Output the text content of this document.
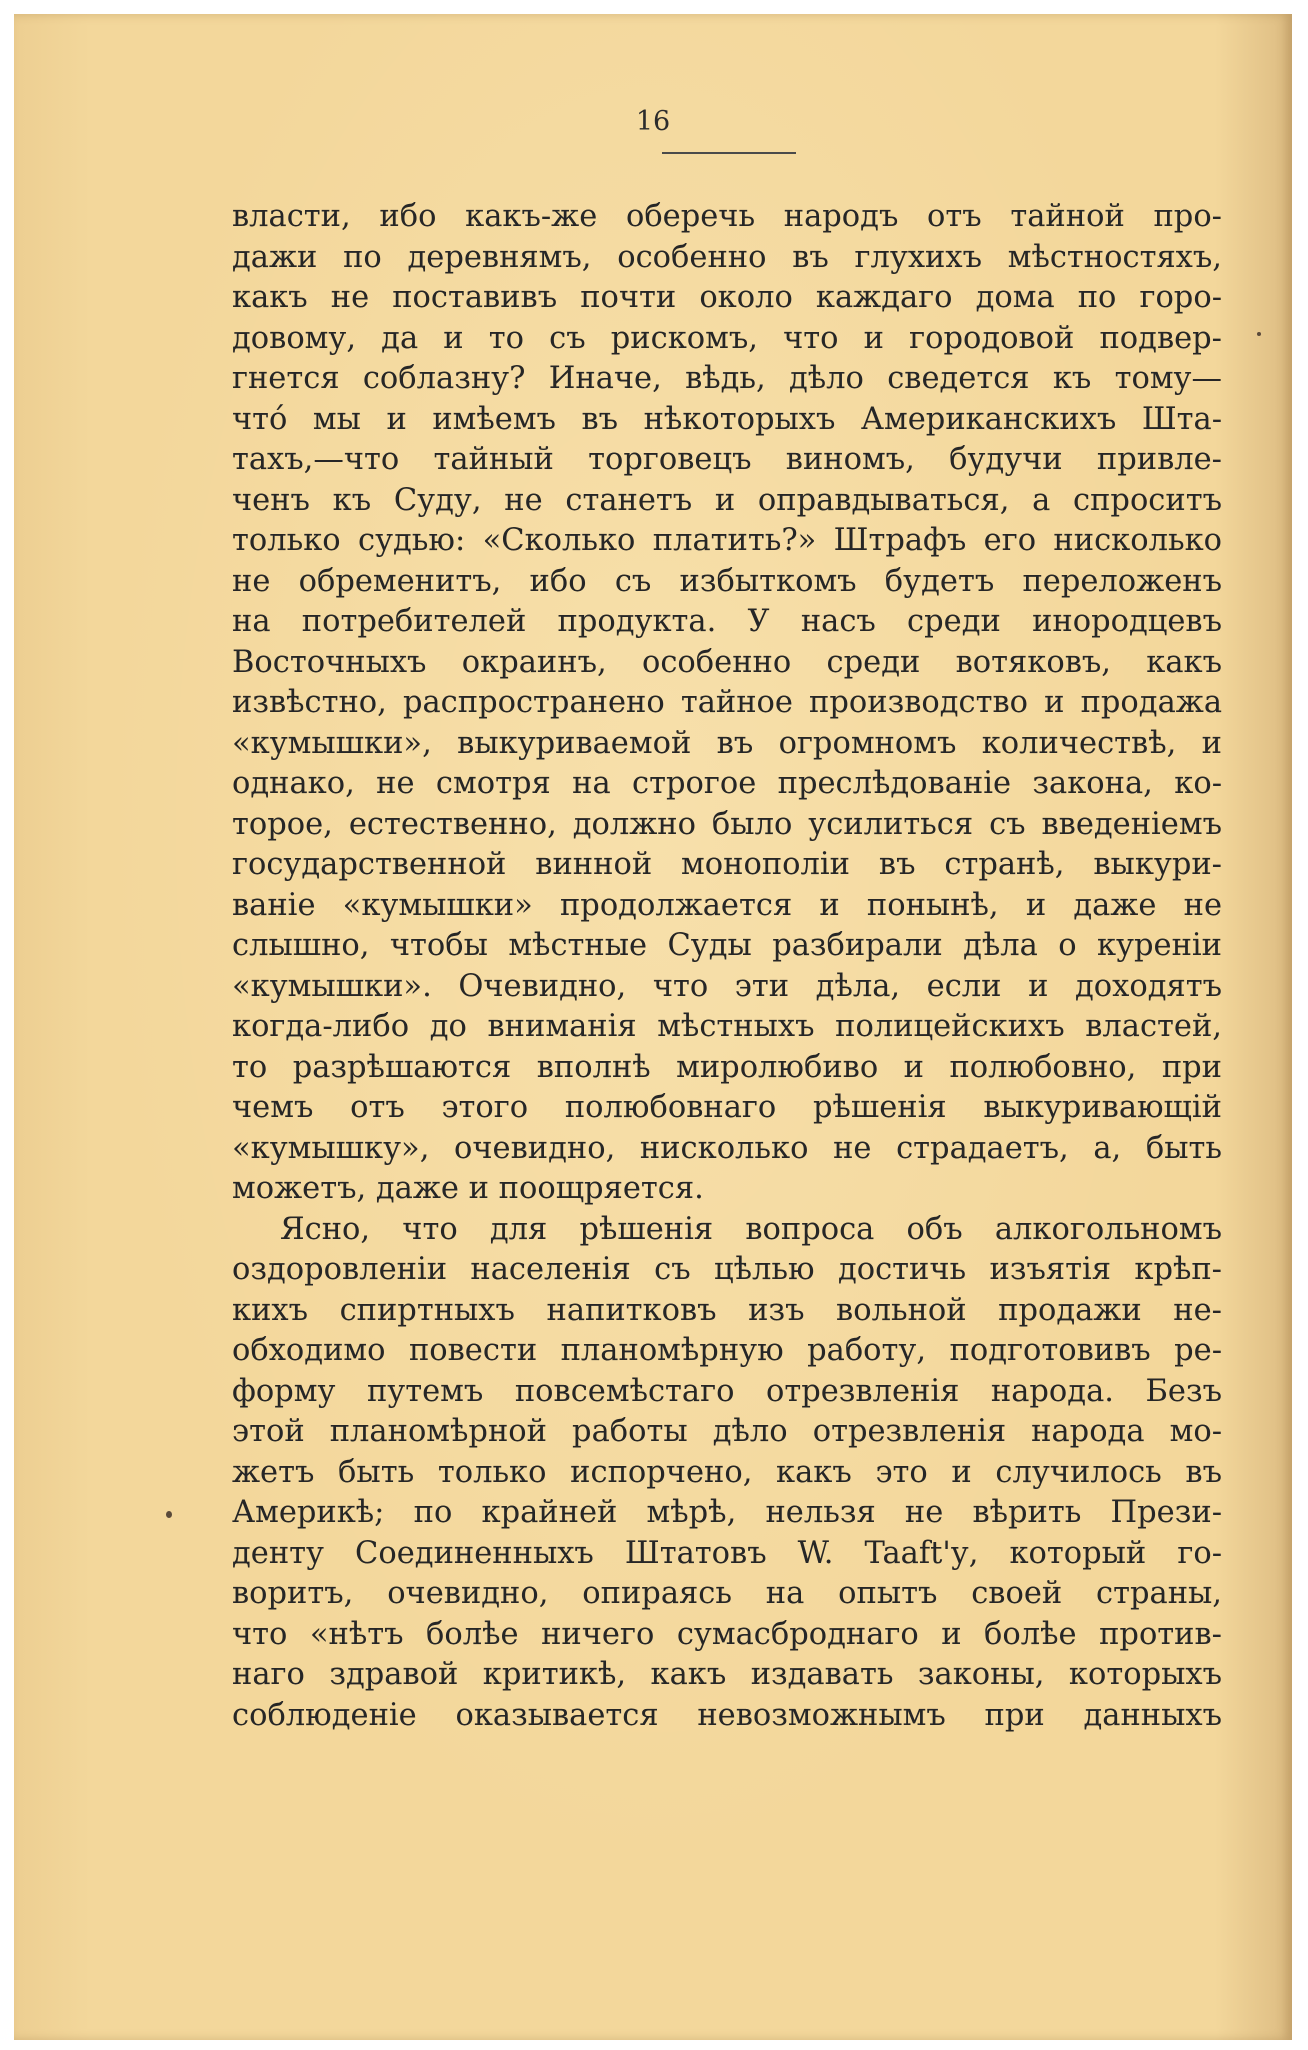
16
власти, ибо какъ-же оберечь народъ отъ тайной про-
дажи по деревнямъ, особенно въ глухихъ мѣстностяхъ,
какъ не поставивъ почти около каждаго дома по горо-
довому, да и то съ рискомъ, что и городовой подвер-
гнется соблазну? Иначе, вѣдь, дѣло сведется къ тому—
что́ мы и имѣемъ въ нѣкоторыхъ Американскихъ Шта-
тахъ,—что тайный торговецъ виномъ, будучи привле-
ченъ къ Суду, не станетъ и оправдываться, а спроситъ
только судью: «Сколько платить?» Штрафъ его нисколько
не обременитъ, ибо съ избыткомъ будетъ переложенъ
на потребителей продукта. У насъ среди инородцевъ
Восточныхъ окраинъ, особенно среди вотяковъ, какъ
извѣстно, распространено тайное производство и продажа
«кумышки», выкуриваемой въ огромномъ количествѣ, и
однако, не смотря на строгое преслѣдованіе закона, ко-
торое, естественно, должно было усилиться съ введеніемъ
государственной винной монополіи въ странѣ, выкури-
ваніе «кумышки» продолжается и понынѣ, и даже не
слышно, чтобы мѣстные Суды разбирали дѣла о куреніи
«кумышки». Очевидно, что эти дѣла, если и доходятъ
когда-либо до вниманія мѣстныхъ полицейскихъ властей,
то разрѣшаются вполнѣ миролюбиво и полюбовно, при
чемъ отъ этого полюбовнаго рѣшенія выкуривающій
«кумышку», очевидно, нисколько не страдаетъ, а, быть
можетъ, даже и поощряется.
Ясно, что для рѣшенія вопроса объ алкогольномъ
оздоровленіи населенія съ цѣлью достичь изъятія крѣп-
кихъ спиртныхъ напитковъ изъ вольной продажи не-
обходимо повести планомѣрную работу, подготовивъ ре-
форму путемъ повсемѣстаго отрезвленія народа. Безъ
этой планомѣрной работы дѣло отрезвленія народа мо-
жетъ быть только испорчено, какъ это и случилось въ
Америкѣ; по крайней мѣрѣ, нельзя не вѣрить Прези-
денту Соединенныхъ Штатовъ W. Taaft'у, который го-
воритъ, очевидно, опираясь на опытъ своей страны,
что «нѣтъ болѣе ничего сумасброднаго и болѣе против-
наго здравой критикѣ, какъ издавать законы, которыхъ
соблюденіе оказывается невозможнымъ при данныхъ
